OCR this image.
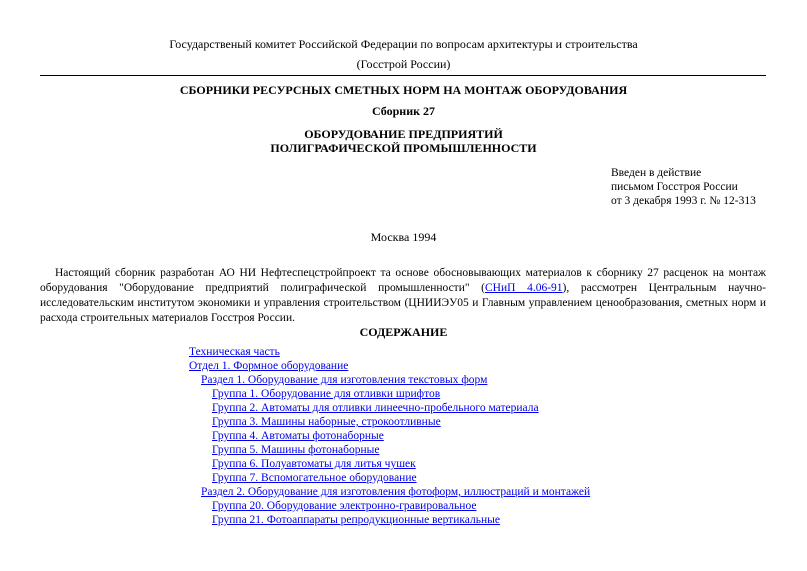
Государственый комитет Российской Федерации по вопросам архитектуры и строительства
(Госстрой России)
СБОРНИКИ РЕСУРСНЫХ СМЕТНЫХ НОРМ НА МОНТАЖ ОБОРУДОВАНИЯ
Сборник 27
ОБОРУДОВАНИЕ ПРЕДПРИЯТИЙ
ПОЛИГРАФИЧЕСКОЙ ПРОМЫШЛЕННОСТИ
Введен в действие
письмом Госстроя России
от 3 декабря 1993 г. № 12-313
Москва 1994
Настоящий сборник разработан АО НИ Нефтеспецстройпроект та основе обосновывающих материалов к сборнику 27 расценок на монтаж оборудования "Оборудование предприятий полиграфической промышленности" (СНиП 4.06-91), рассмотрен Центральным научно-исследовательским институтом экономики и управления строительством (ЦНИИЭУ05 и Главным управлением ценообразования, сметных норм и расхода строительных материалов Госстроя России.
СОДЕРЖАНИЕ
Техническая часть
Отдел 1. Формное оборудование
Раздел 1. Оборудование для изготовления текстовых форм
Группа 1. Оборудование для отливки шрифтов
Группа 2. Автоматы для отливки линеечно-пробельного материала
Группа 3. Машины наборные, строкоотливные
Группа 4. Автоматы фотонаборные
Группа 5. Машины фотонаборные
Группа 6. Полуавтоматы для литья чушек
Группа 7. Вспомогательное оборудование
Раздел 2. Оборудование для изготовления фотоформ, иллюстраций и монтажей
Группа 20. Оборудование электронно-гравировальное
Группа 21. Фотоаппараты репродукционные вертикальные
